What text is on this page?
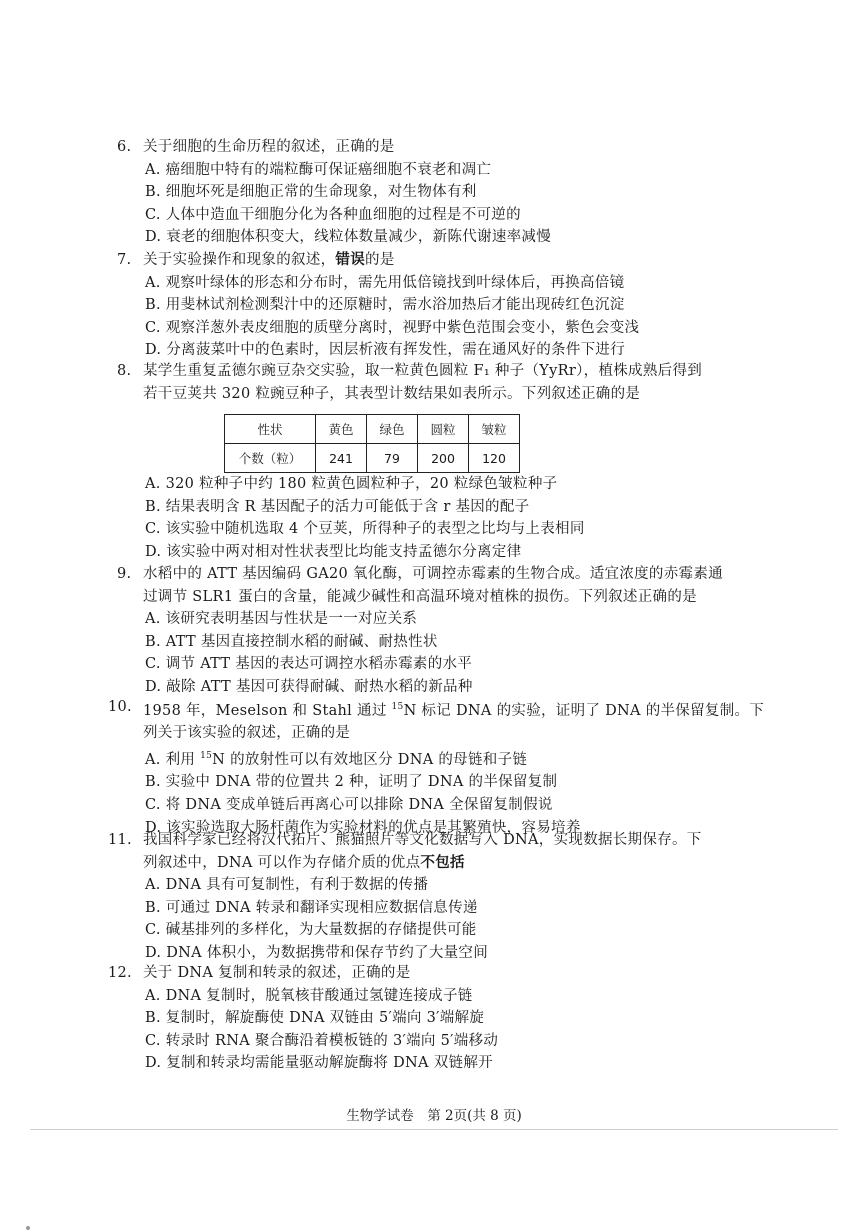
6. 关于细胞的生命历程的叙述，正确的是
A. 癌细胞中特有的端粒酶可保证癌细胞不衰老和凋亡
B. 细胞坏死是细胞正常的生命现象，对生物体有利
C. 人体中造血干细胞分化为各种血细胞的过程是不可逆的
D. 衰老的细胞体积变大，线粒体数量减少，新陈代谢速率减慢
7. 关于实验操作和现象的叙述，错误的是
A. 观察叶绿体的形态和分布时，需先用低倍镜找到叶绿体后，再换高倍镜
B. 用斐林试剂检测梨汁中的还原糖时，需水浴加热后才能出现砖红色沉淀
C. 观察洋葱外表皮细胞的质壁分离时，视野中紫色范围会变小，紫色会变浅
D. 分离菠菜叶中的色素时，因层析液有挥发性，需在通风好的条件下进行
8. 某学生重复孟德尔豌豆杂交实验，取一粒黄色圆粒 F₁ 种子（YyRr），植株成熟后得到
若干豆荚共 320 粒豌豆种子，其表型计数结果如表所示。下列叙述正确的是
性状	黄色	绿色	圆粒	皱粒
个数（粒）	241	79	200	120
A. 320 粒种子中约 180 粒黄色圆粒种子，20 粒绿色皱粒种子
B. 结果表明含 R 基因配子的活力可能低于含 r 基因的配子
C. 该实验中随机选取 4 个豆荚，所得种子的表型之比均与上表相同
D. 该实验中两对相对性状表型比均能支持孟德尔分离定律
9. 水稻中的 ATT 基因编码 GA20 氧化酶，可调控赤霉素的生物合成。适宜浓度的赤霉素通
过调节 SLR1 蛋白的含量，能减少碱性和高温环境对植株的损伤。下列叙述正确的是
A. 该研究表明基因与性状是一一对应关系
B. ATT 基因直接控制水稻的耐碱、耐热性状
C. 调节 ATT 基因的表达可调控水稻赤霉素的水平
D. 敲除 ATT 基因可获得耐碱、耐热水稻的新品种
10. 1958 年，Meselson 和 Stahl 通过 $^{15}$N 标记 DNA 的实验，证明了 DNA 的半保留复制。下
列关于该实验的叙述，正确的是
A. 利用 $^{15}$N 的放射性可以有效地区分 DNA 的母链和子链
B. 实验中 DNA 带的位置共 2 种，证明了 DNA 的半保留复制
C. 将 DNA 变成单链后再离心可以排除 DNA 全保留复制假说
D. 该实验选取大肠杆菌作为实验材料的优点是其繁殖快，容易培养
11. 我国科学家已经将汉代拓片、熊猫照片等文化数据写入 DNA，实现数据长期保存。下
列叙述中，DNA 可以作为存储介质的优点不包括
A. DNA 具有可复制性，有利于数据的传播
B. 可通过 DNA 转录和翻译实现相应数据信息传递
C. 碱基排列的多样化，为大量数据的存储提供可能
D. DNA 体积小，为数据携带和保存节约了大量空间
12. 关于 DNA 复制和转录的叙述，正确的是
A. DNA 复制时，脱氧核苷酸通过氢键连接成子链
B. 复制时，解旋酶使 DNA 双链由 5′端向 3′端解旋
C. 转录时 RNA 聚合酶沿着模板链的 3′端向 5′端移动
D. 复制和转录均需能量驱动解旋酶将 DNA 双链解开
生物学试卷　第 2页(共 8 页)
